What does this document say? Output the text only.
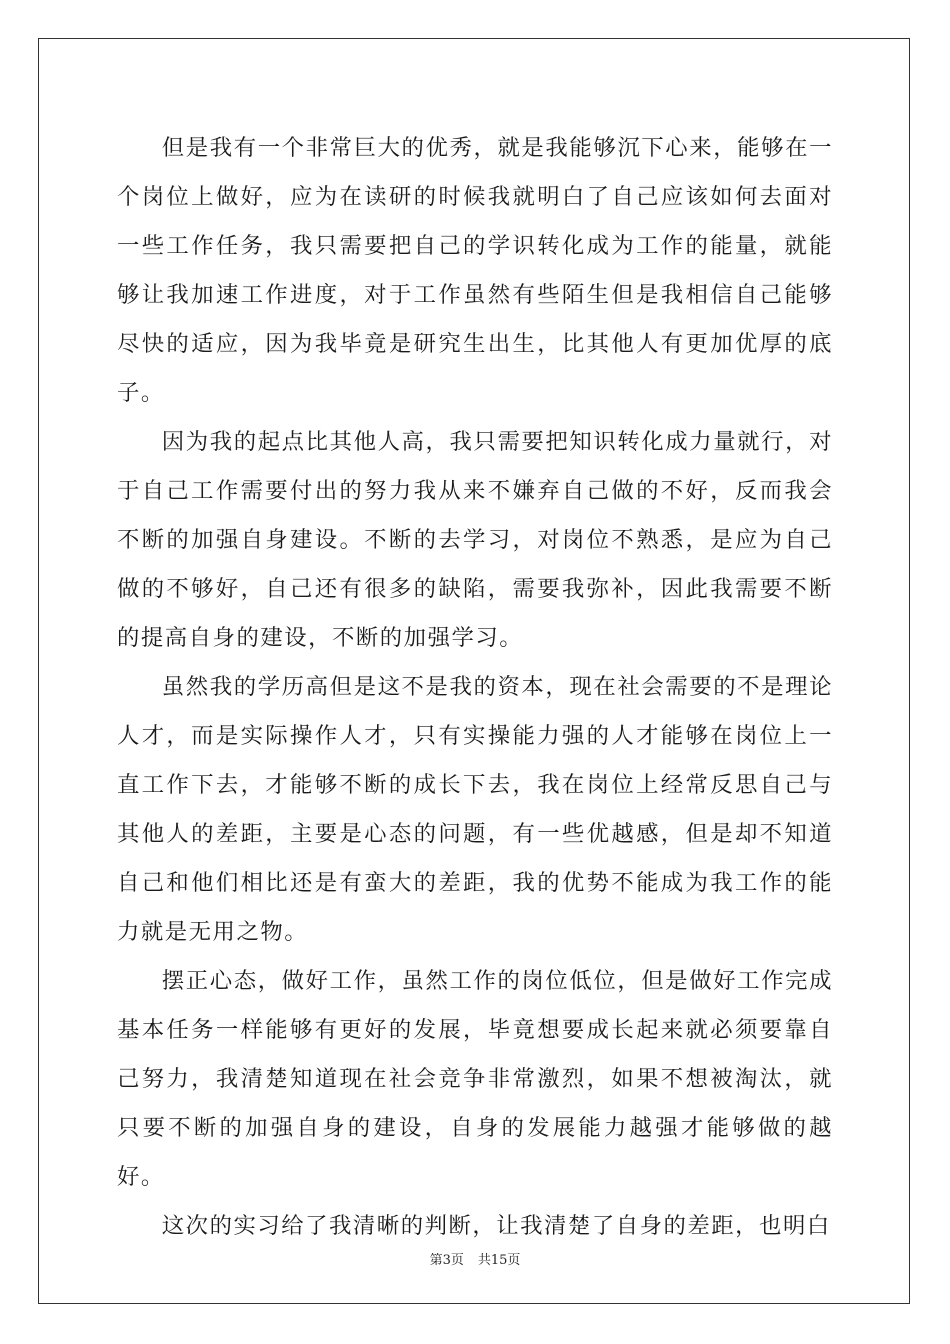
但是我有一个非常巨大的优秀，就是我能够沉下心来，能够在一个岗位上做好，应为在读研的时候我就明白了自己应该如何去面对一些工作任务，我只需要把自己的学识转化成为工作的能量，就能够让我加速工作进度，对于工作虽然有些陌生但是我相信自己能够尽快的适应，因为我毕竟是研究生出生，比其他人有更加优厚的底子。

因为我的起点比其他人高，我只需要把知识转化成力量就行，对于自己工作需要付出的努力我从来不嫌弃自己做的不好，反而我会不断的加强自身建设。不断的去学习，对岗位不熟悉，是应为自己做的不够好，自己还有很多的缺陷，需要我弥补，因此我需要不断的提高自身的建设，不断的加强学习。

虽然我的学历高但是这不是我的资本，现在社会需要的不是理论人才，而是实际操作人才，只有实操能力强的人才能够在岗位上一直工作下去，才能够不断的成长下去，我在岗位上经常反思自己与其他人的差距，主要是心态的问题，有一些优越感，但是却不知道自己和他们相比还是有蛮大的差距，我的优势不能成为我工作的能力就是无用之物。

摆正心态，做好工作，虽然工作的岗位低位，但是做好工作完成基本任务一样能够有更好的发展，毕竟想要成长起来就必须要靠自己努力，我清楚知道现在社会竞争非常激烈，如果不想被淘汰，就只要不断的加强自身的建设，自身的发展能力越强才能够做的越好。

这次的实习给了我清晰的判断，让我清楚了自身的差距，也明白

第3页 共15页
